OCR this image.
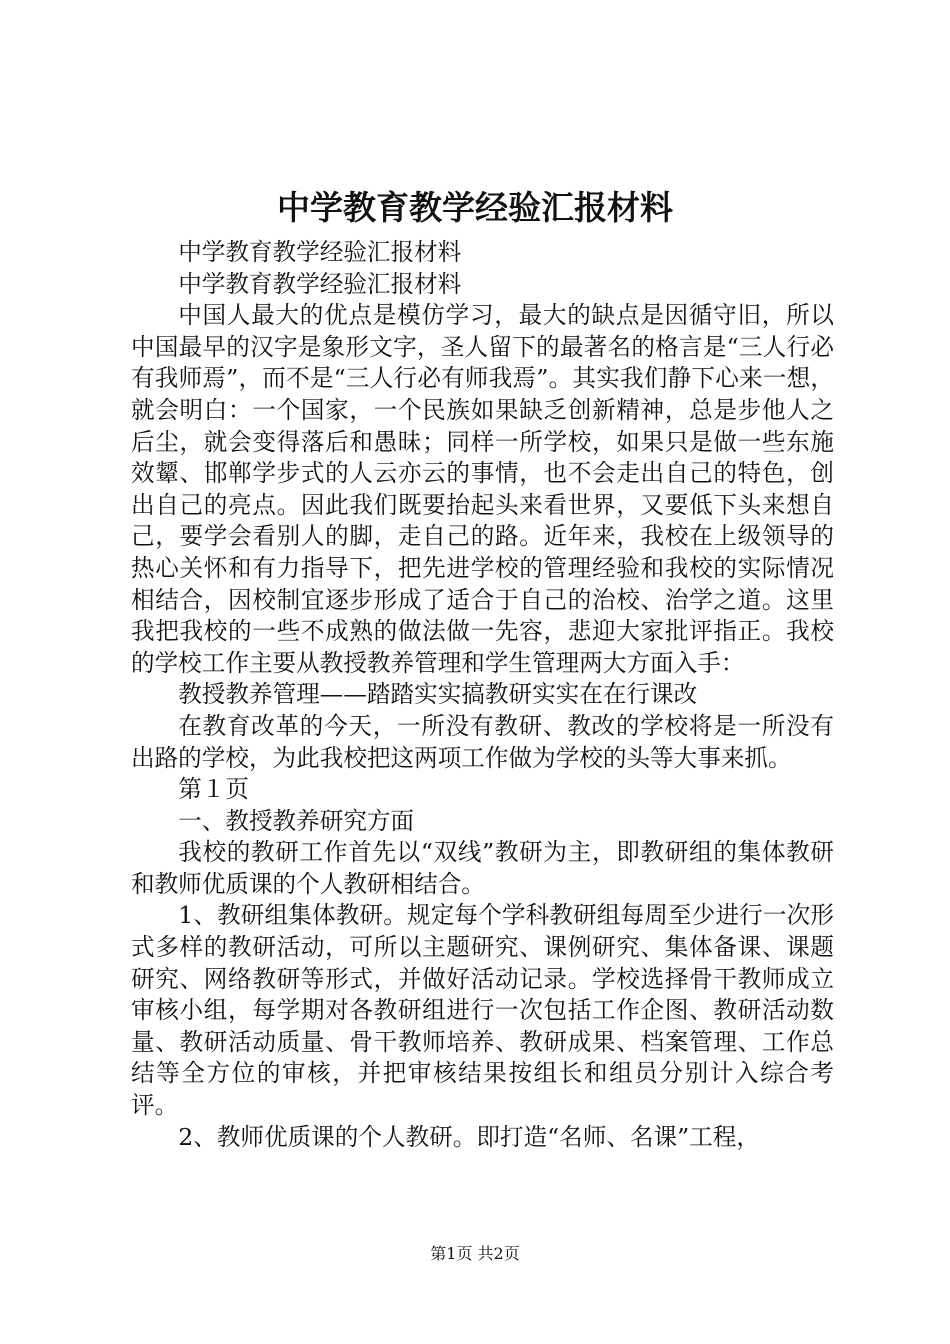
中学教育教学经验汇报材料

中学教育教学经验汇报材料

中学教育教学经验汇报材料

中国人最大的优点是模仿学习，最大的缺点是因循守旧，所以中国最早的汉字是象形文字，圣人留下的最著名的格言是“三人行必有我师焉”，而不是“三人行必有师我焉”。其实我们静下心来一想，就会明白：一个国家，一个民族如果缺乏创新精神，总是步他人之后尘，就会变得落后和愚昧；同样一所学校，如果只是做一些东施效颦、邯郸学步式的人云亦云的事情，也不会走出自己的特色，创出自己的亮点。因此我们既要抬起头来看世界，又要低下头来想自己，要学会看别人的脚，走自己的路。近年来，我校在上级领导的热心关怀和有力指导下，把先进学校的管理经验和我校的实际情况相结合，因校制宜逐步形成了适合于自己的治校、治学之道。这里我把我校的一些不成熟的做法做一先容，悲迎大家批评指正。我校的学校工作主要从教授教养管理和学生管理两大方面入手：

教授教养管理——踏踏实实搞教研实实在在行课改

在教育改革的今天，一所没有教研、教改的学校将是一所没有出路的学校，为此我校把这两项工作做为学校的头等大事来抓。

第１页

一、教授教养研究方面

我校的教研工作首先以“双线”教研为主，即教研组的集体教研和教师优质课的个人教研相结合。

1、教研组集体教研。规定每个学科教研组每周至少进行一次形式多样的教研活动，可所以主题研究、课例研究、集体备课、课题研究、网络教研等形式，并做好活动记录。学校选择骨干教师成立审核小组，每学期对各教研组进行一次包括工作企图、教研活动数量、教研活动质量、骨干教师培养、教研成果、档案管理、工作总结等全方位的审核，并把审核结果按组长和组员分别计入综合考评。

2、教师优质课的个人教研。即打造“名师、名课”工程，

第1页 共2页
